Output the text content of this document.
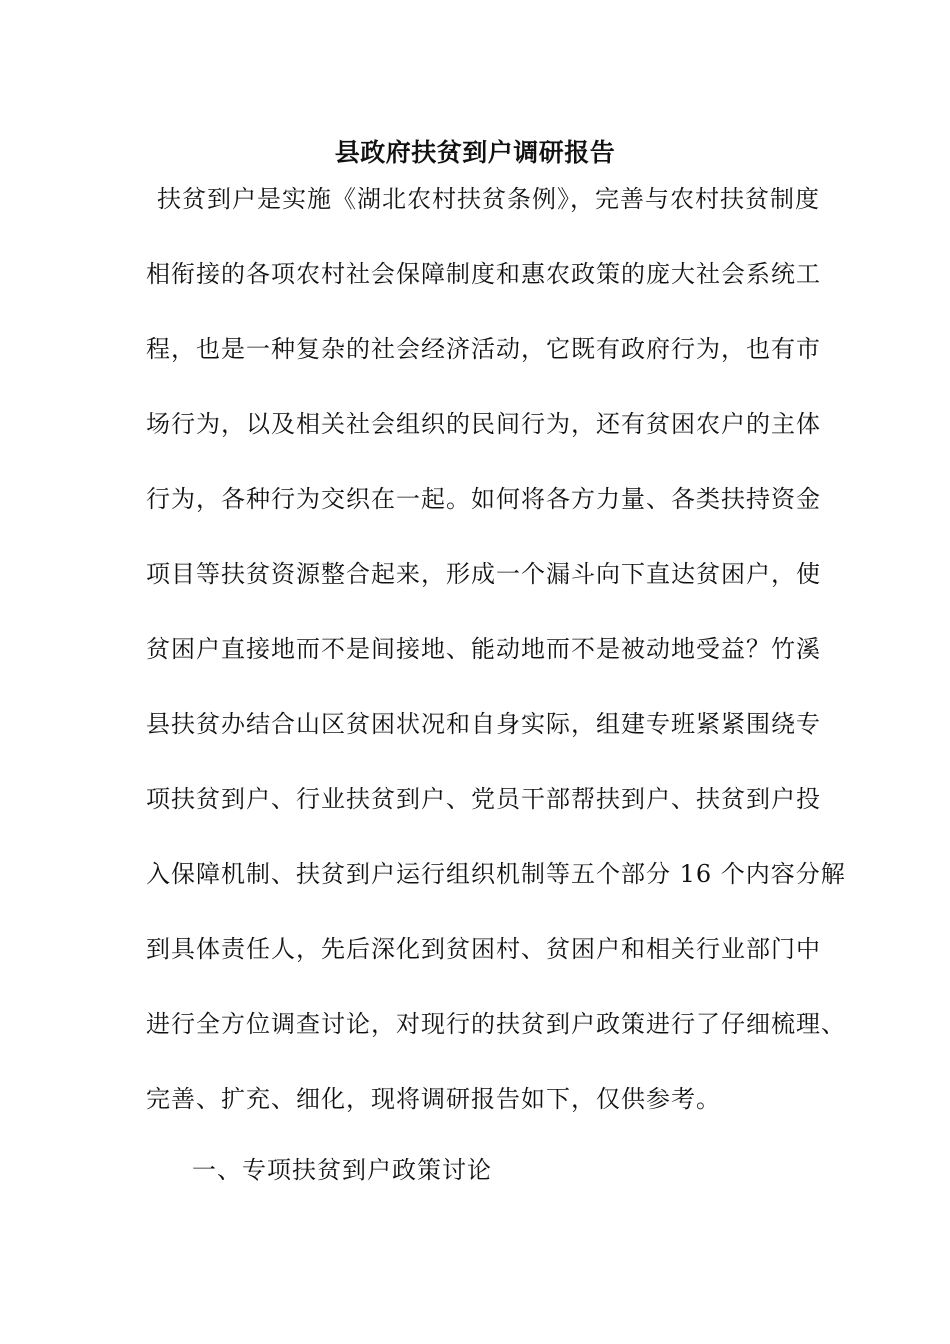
县政府扶贫到户调研报告
扶贫到户是实施《湖北农村扶贫条例》，完善与农村扶贫制度
相衔接的各项农村社会保障制度和惠农政策的庞大社会系统工
程，也是一种复杂的社会经济活动，它既有政府行为，也有市
场行为，以及相关社会组织的民间行为，还有贫困农户的主体
行为，各种行为交织在一起。如何将各方力量、各类扶持资金
项目等扶贫资源整合起来，形成一个漏斗向下直达贫困户，使
贫困户直接地而不是间接地、能动地而不是被动地受益？竹溪
县扶贫办结合山区贫困状况和自身实际，组建专班紧紧围绕专
项扶贫到户、行业扶贫到户、党员干部帮扶到户、扶贫到户投
入保障机制、扶贫到户运行组织机制等五个部分 16 个内容分解
到具体责任人，先后深化到贫困村、贫困户和相关行业部门中
进行全方位调查讨论，对现行的扶贫到户政策进行了仔细梳理、
完善、扩充、细化，现将调研报告如下，仅供参考。
一、专项扶贫到户政策讨论
